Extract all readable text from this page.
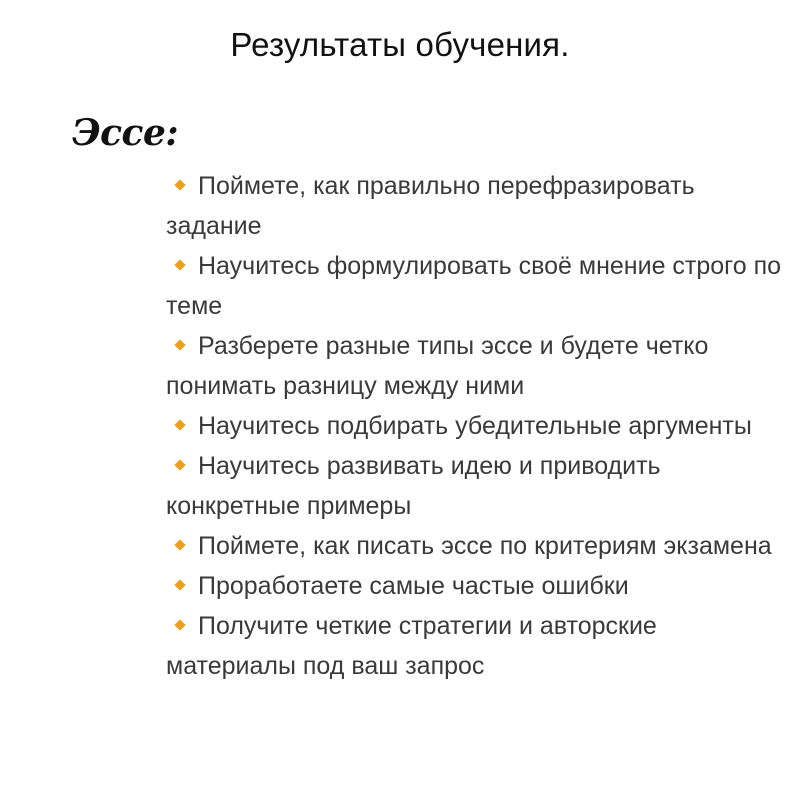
Результаты обучения.
Эссе:
Поймете, как правильно перефразировать задание
Научитесь формулировать своё мнение строго по теме
Разберете разные типы эссе и будете четко понимать разницу между ними
Научитесь подбирать убедительные аргументы
Научитесь развивать идею и приводить конкретные примеры
Поймете, как писать эссе по критериям экзамена
Проработаете самые частые ошибки
Получите четкие стратегии и авторские материалы под ваш запрос
